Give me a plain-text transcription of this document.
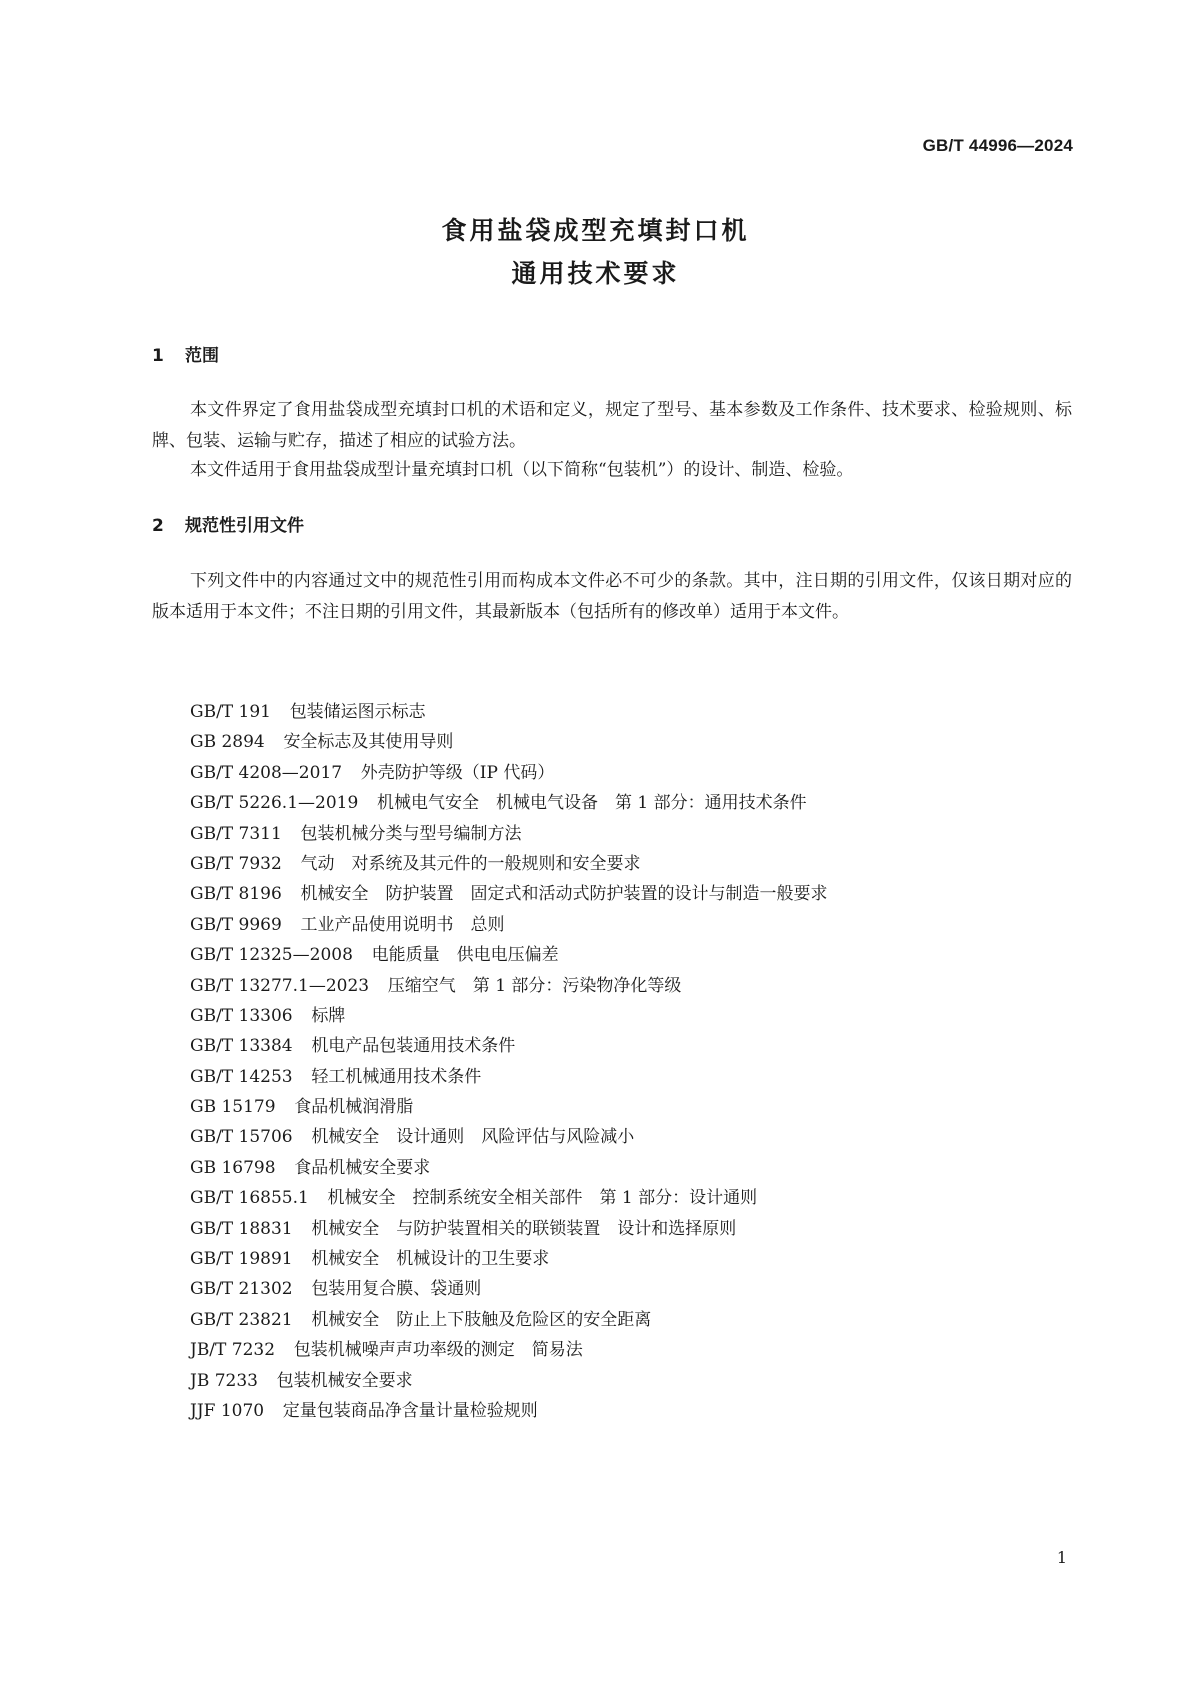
GB/T 44996—2024
食用盐袋成型充填封口机
通用技术要求
1 范围

本文件界定了食用盐袋成型充填封口机的术语和定义，规定了型号、基本参数及工作条件、技术要求、检验规则、标牌、包装、运输与贮存，描述了相应的试验方法。

本文件适用于食用盐袋成型计量充填封口机（以下简称“包装机”）的设计、制造、检验。

2 规范性引用文件

下列文件中的内容通过文中的规范性引用而构成本文件必不可少的条款。其中，注日期的引用文件，仅该日期对应的版本适用于本文件；不注日期的引用文件，其最新版本（包括所有的修改单）适用于本文件。

GB/T 191 包装储运图示标志
GB 2894 安全标志及其使用导则
GB/T 4208—2017 外壳防护等级（IP 代码）
GB/T 5226.1—2019 机械电气安全　机械电气设备　第 1 部分：通用技术条件
GB/T 7311 包装机械分类与型号编制方法
GB/T 7932 气动　对系统及其元件的一般规则和安全要求
GB/T 8196 机械安全　防护装置　固定式和活动式防护装置的设计与制造一般要求
GB/T 9969 工业产品使用说明书　总则
GB/T 12325—2008 电能质量　供电电压偏差
GB/T 13277.1—2023 压缩空气　第 1 部分：污染物净化等级
GB/T 13306 标牌
GB/T 13384 机电产品包装通用技术条件
GB/T 14253 轻工机械通用技术条件
GB 15179 食品机械润滑脂
GB/T 15706 机械安全　设计通则　风险评估与风险减小
GB 16798 食品机械安全要求
GB/T 16855.1 机械安全　控制系统安全相关部件　第 1 部分：设计通则
GB/T 18831 机械安全　与防护装置相关的联锁装置　设计和选择原则
GB/T 19891 机械安全　机械设计的卫生要求
GB/T 21302 包装用复合膜、袋通则
GB/T 23821 机械安全　防止上下肢触及危险区的安全距离
JB/T 7232 包装机械噪声声功率级的测定　简易法
JB 7233 包装机械安全要求
JJF 1070 定量包装商品净含量计量检验规则
1
